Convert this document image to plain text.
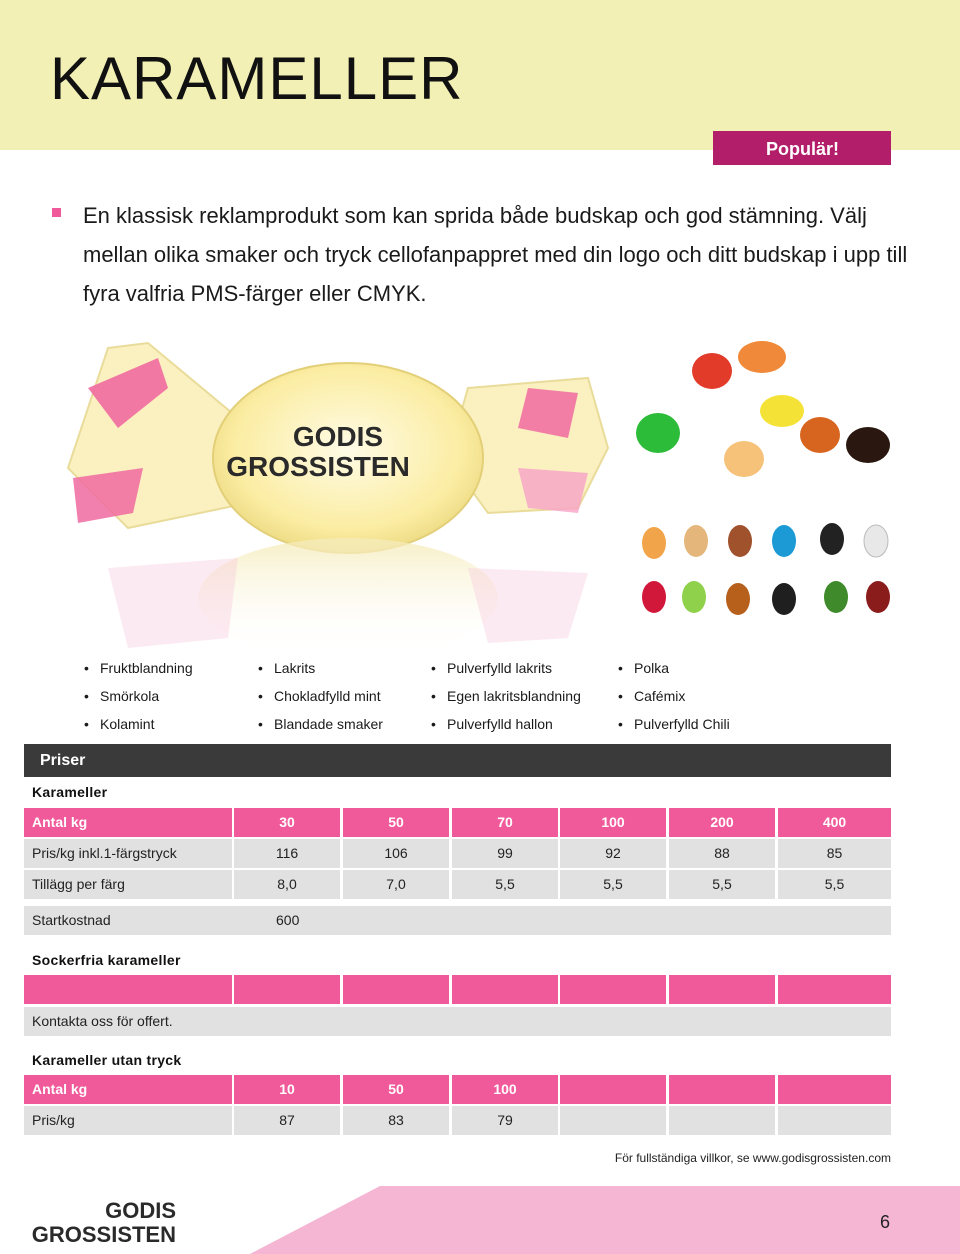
KARAMELLER
Populär!

En klassisk reklamprodukt som kan sprida både budskap och god stämning. Välj mellan olika smaker och tryck cellofanpappret med din logo och ditt budskap i upp till fyra valfria PMS-färger eller CMYK.

GODIS
GROSSISTEN
• Fruktblandning
• Smörkola
• Kolamint
• Lakrits
• Chokladfylld mint
• Blandade smaker
• Pulverfylld lakrits
• Egen lakritsblandning
• Pulverfylld hallon
• Polka
• Cafémix
• Pulverfylld Chili
Priser
Karameller
Antal kg	30	50	70	100	200	400
Pris/kg inkl.1-färgstryck	116	106	99	92	88	85
Tillägg per färg	8,0	7,0	5,5	5,5	5,5	5,5
Startkostnad	600
Sockerfria karameller
Kontakta oss för offert.
Karameller utan tryck
Antal kg	10	50	100
Pris/kg	87	83	79
För fullständiga villkor, se www.godisgrossisten.com
GODIS
GROSSISTEN	6
